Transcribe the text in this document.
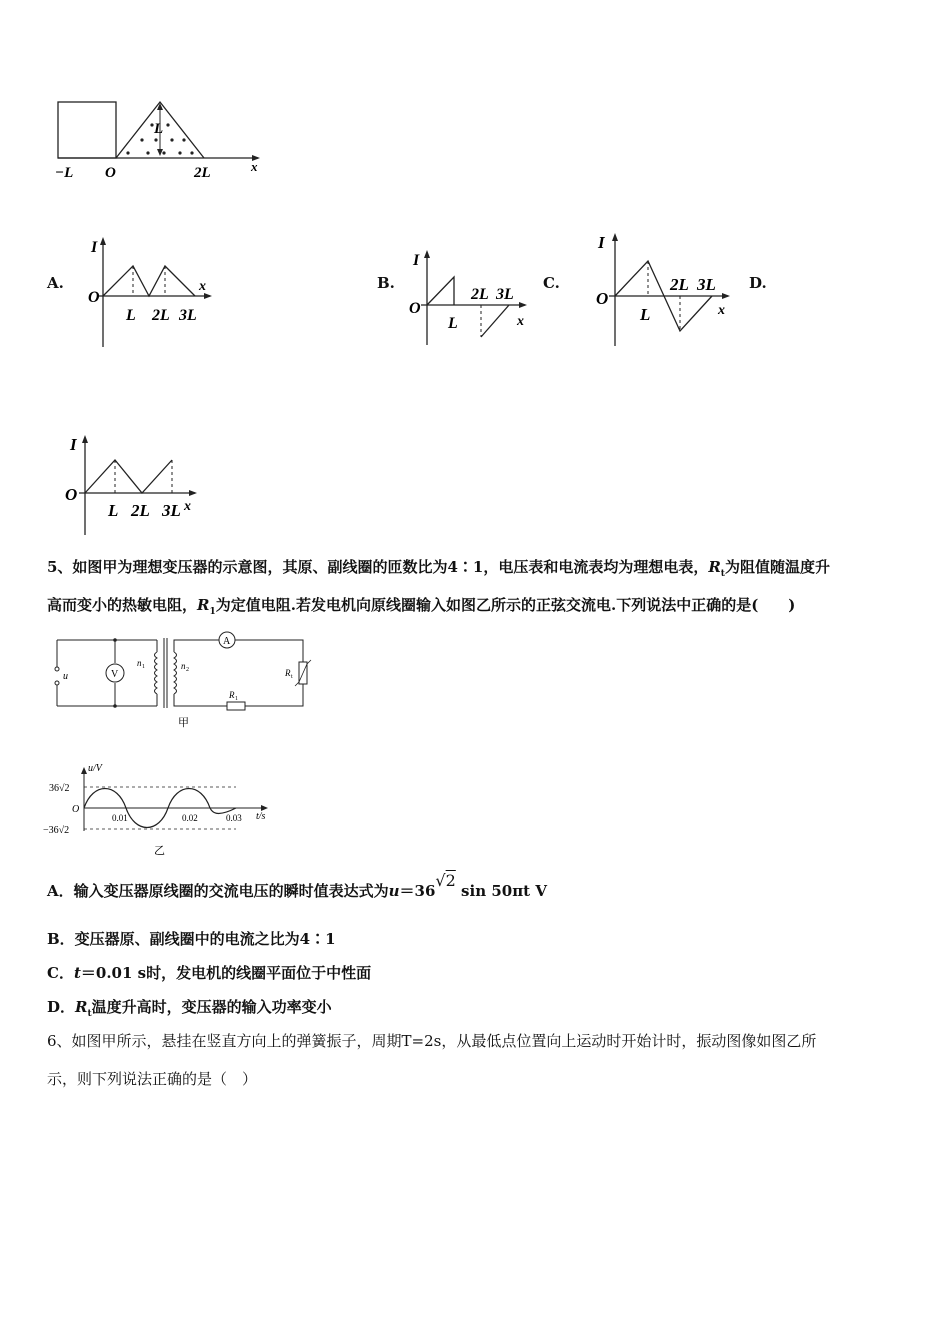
L
−L O	2L	x
A.	B.	C.	D.
I
O
x
L 2L 3L
I
O
x
L
2L 3L
I
O
x
L
2L 3L
I
O
x
L 2L 3L
5、如图甲为理想变压器的示意图，其原、副线圈的匝数比为4∶1，电压表和电流表均为理想电表，$R_t$为阻值随温度升
高而变小的热敏电阻，$R_1$为定值电阻.若发电机向原线圈输入如图乙所示的正弦交流电.下列说法中正确的是(　　)
u	V
n 1	n 2
A
R t
R 1
甲
u/V
36√2
O
−36√2
0.01	0.02	0.03 t/s
乙
A．输入变压器原线圈的交流电压的瞬时值表达式为u＝36√2 sin 50πt V
B．变压器原、副线圈中的电流之比为4∶1
C．t＝0.01 s时，发电机的线圈平面位于中性面
D．$R_t$温度升高时，变压器的输入功率变小
6、如图甲所示，悬挂在竖直方向上的弹簧振子，周期T=2s，从最低点位置向上运动时开始计时，振动图像如图乙所
示，则下列说法正确的是（　）
